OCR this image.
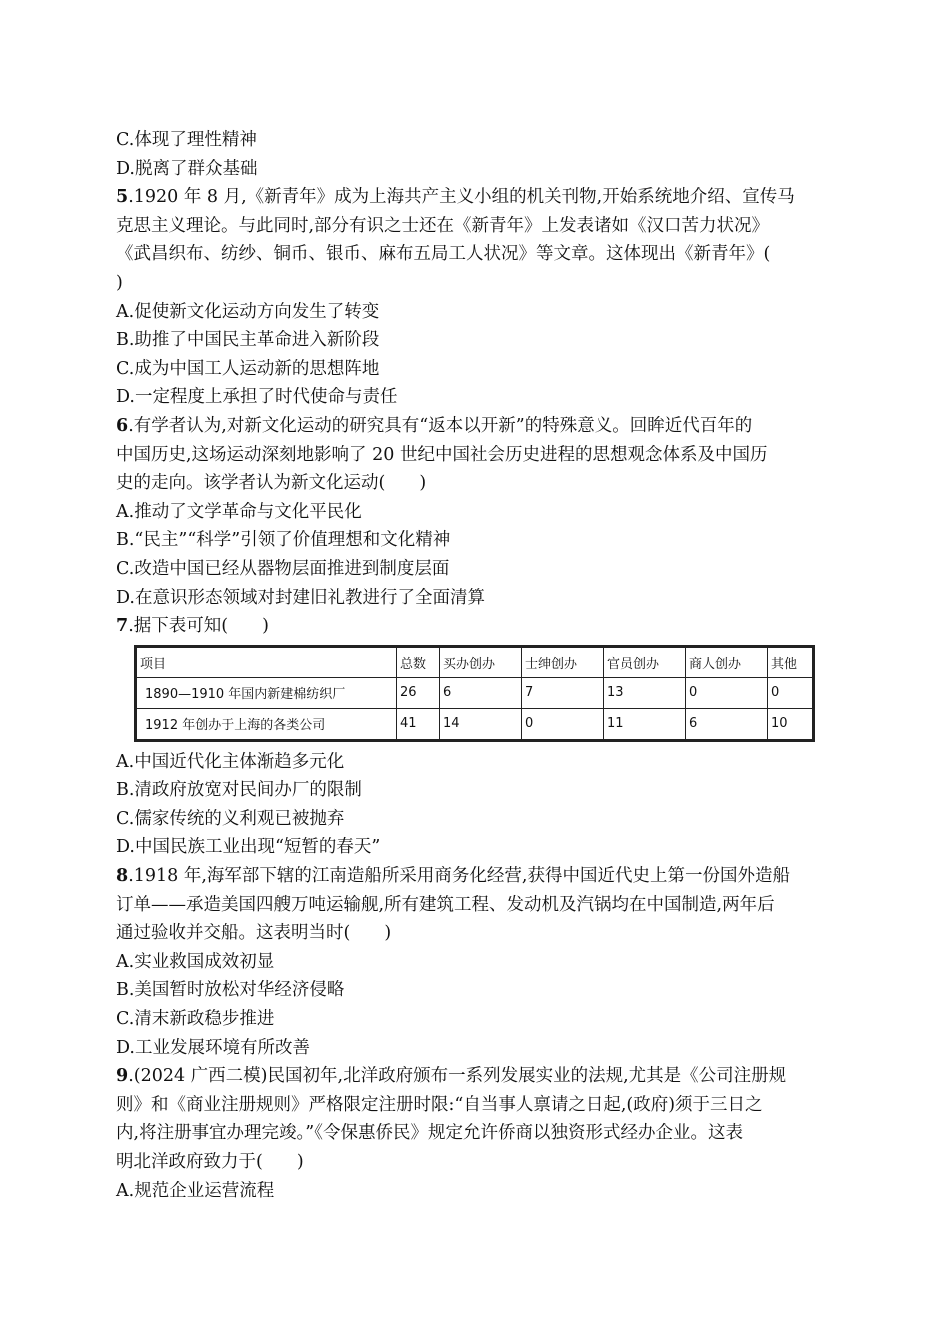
C.体现了理性精神
D.脱离了群众基础
5.1920 年 8 月,《新青年》成为上海共产主义小组的机关刊物,开始系统地介绍、宣传马
克思主义理论。与此同时,部分有识之士还在《新青年》上发表诸如《汉口苦力状况》
《武昌织布、纺纱、铜币、银币、麻布五局工人状况》等文章。这体现出《新青年》(
)
A.促使新文化运动方向发生了转变
B.助推了中国民主革命进入新阶段
C.成为中国工人运动新的思想阵地
D.一定程度上承担了时代使命与责任
6.有学者认为,对新文化运动的研究具有“返本以开新”的特殊意义。回眸近代百年的
中国历史,这场运动深刻地影响了 20 世纪中国社会历史进程的思想观念体系及中国历
史的走向。该学者认为新文化运动( )
A.推动了文学革命与文化平民化
B.“民主”“科学”引领了价值理想和文化精神
C.改造中国已经从器物层面推进到制度层面
D.在意识形态领域对封建旧礼教进行了全面清算
7.据下表可知( )
项目	总数	买办创办	士绅创办	官员创办	商人创办	其他
1890—1910 年国内新建棉纺织厂	26	6	7	13	0	0
1912 年创办于上海的各类公司	41	14	0	11	6	10
A.中国近代化主体渐趋多元化
B.清政府放宽对民间办厂的限制
C.儒家传统的义利观已被抛弃
D.中国民族工业出现“短暂的春天”
8.1918 年,海军部下辖的江南造船所采用商务化经营,获得中国近代史上第一份国外造船
订单——承造美国四艘万吨运输舰,所有建筑工程、发动机及汽锅均在中国制造,两年后
通过验收并交船。这表明当时( )
A.实业救国成效初显
B.美国暂时放松对华经济侵略
C.清末新政稳步推进
D.工业发展环境有所改善
9.(2024 广西二模)民国初年,北洋政府颁布一系列发展实业的法规,尤其是《公司注册规
则》和《商业注册规则》严格限定注册时限:“自当事人禀请之日起,(政府)须于三日之
内,将注册事宜办理完竣。”《令保惠侨民》规定允许侨商以独资形式经办企业。这表
明北洋政府致力于( )
A.规范企业运营流程
